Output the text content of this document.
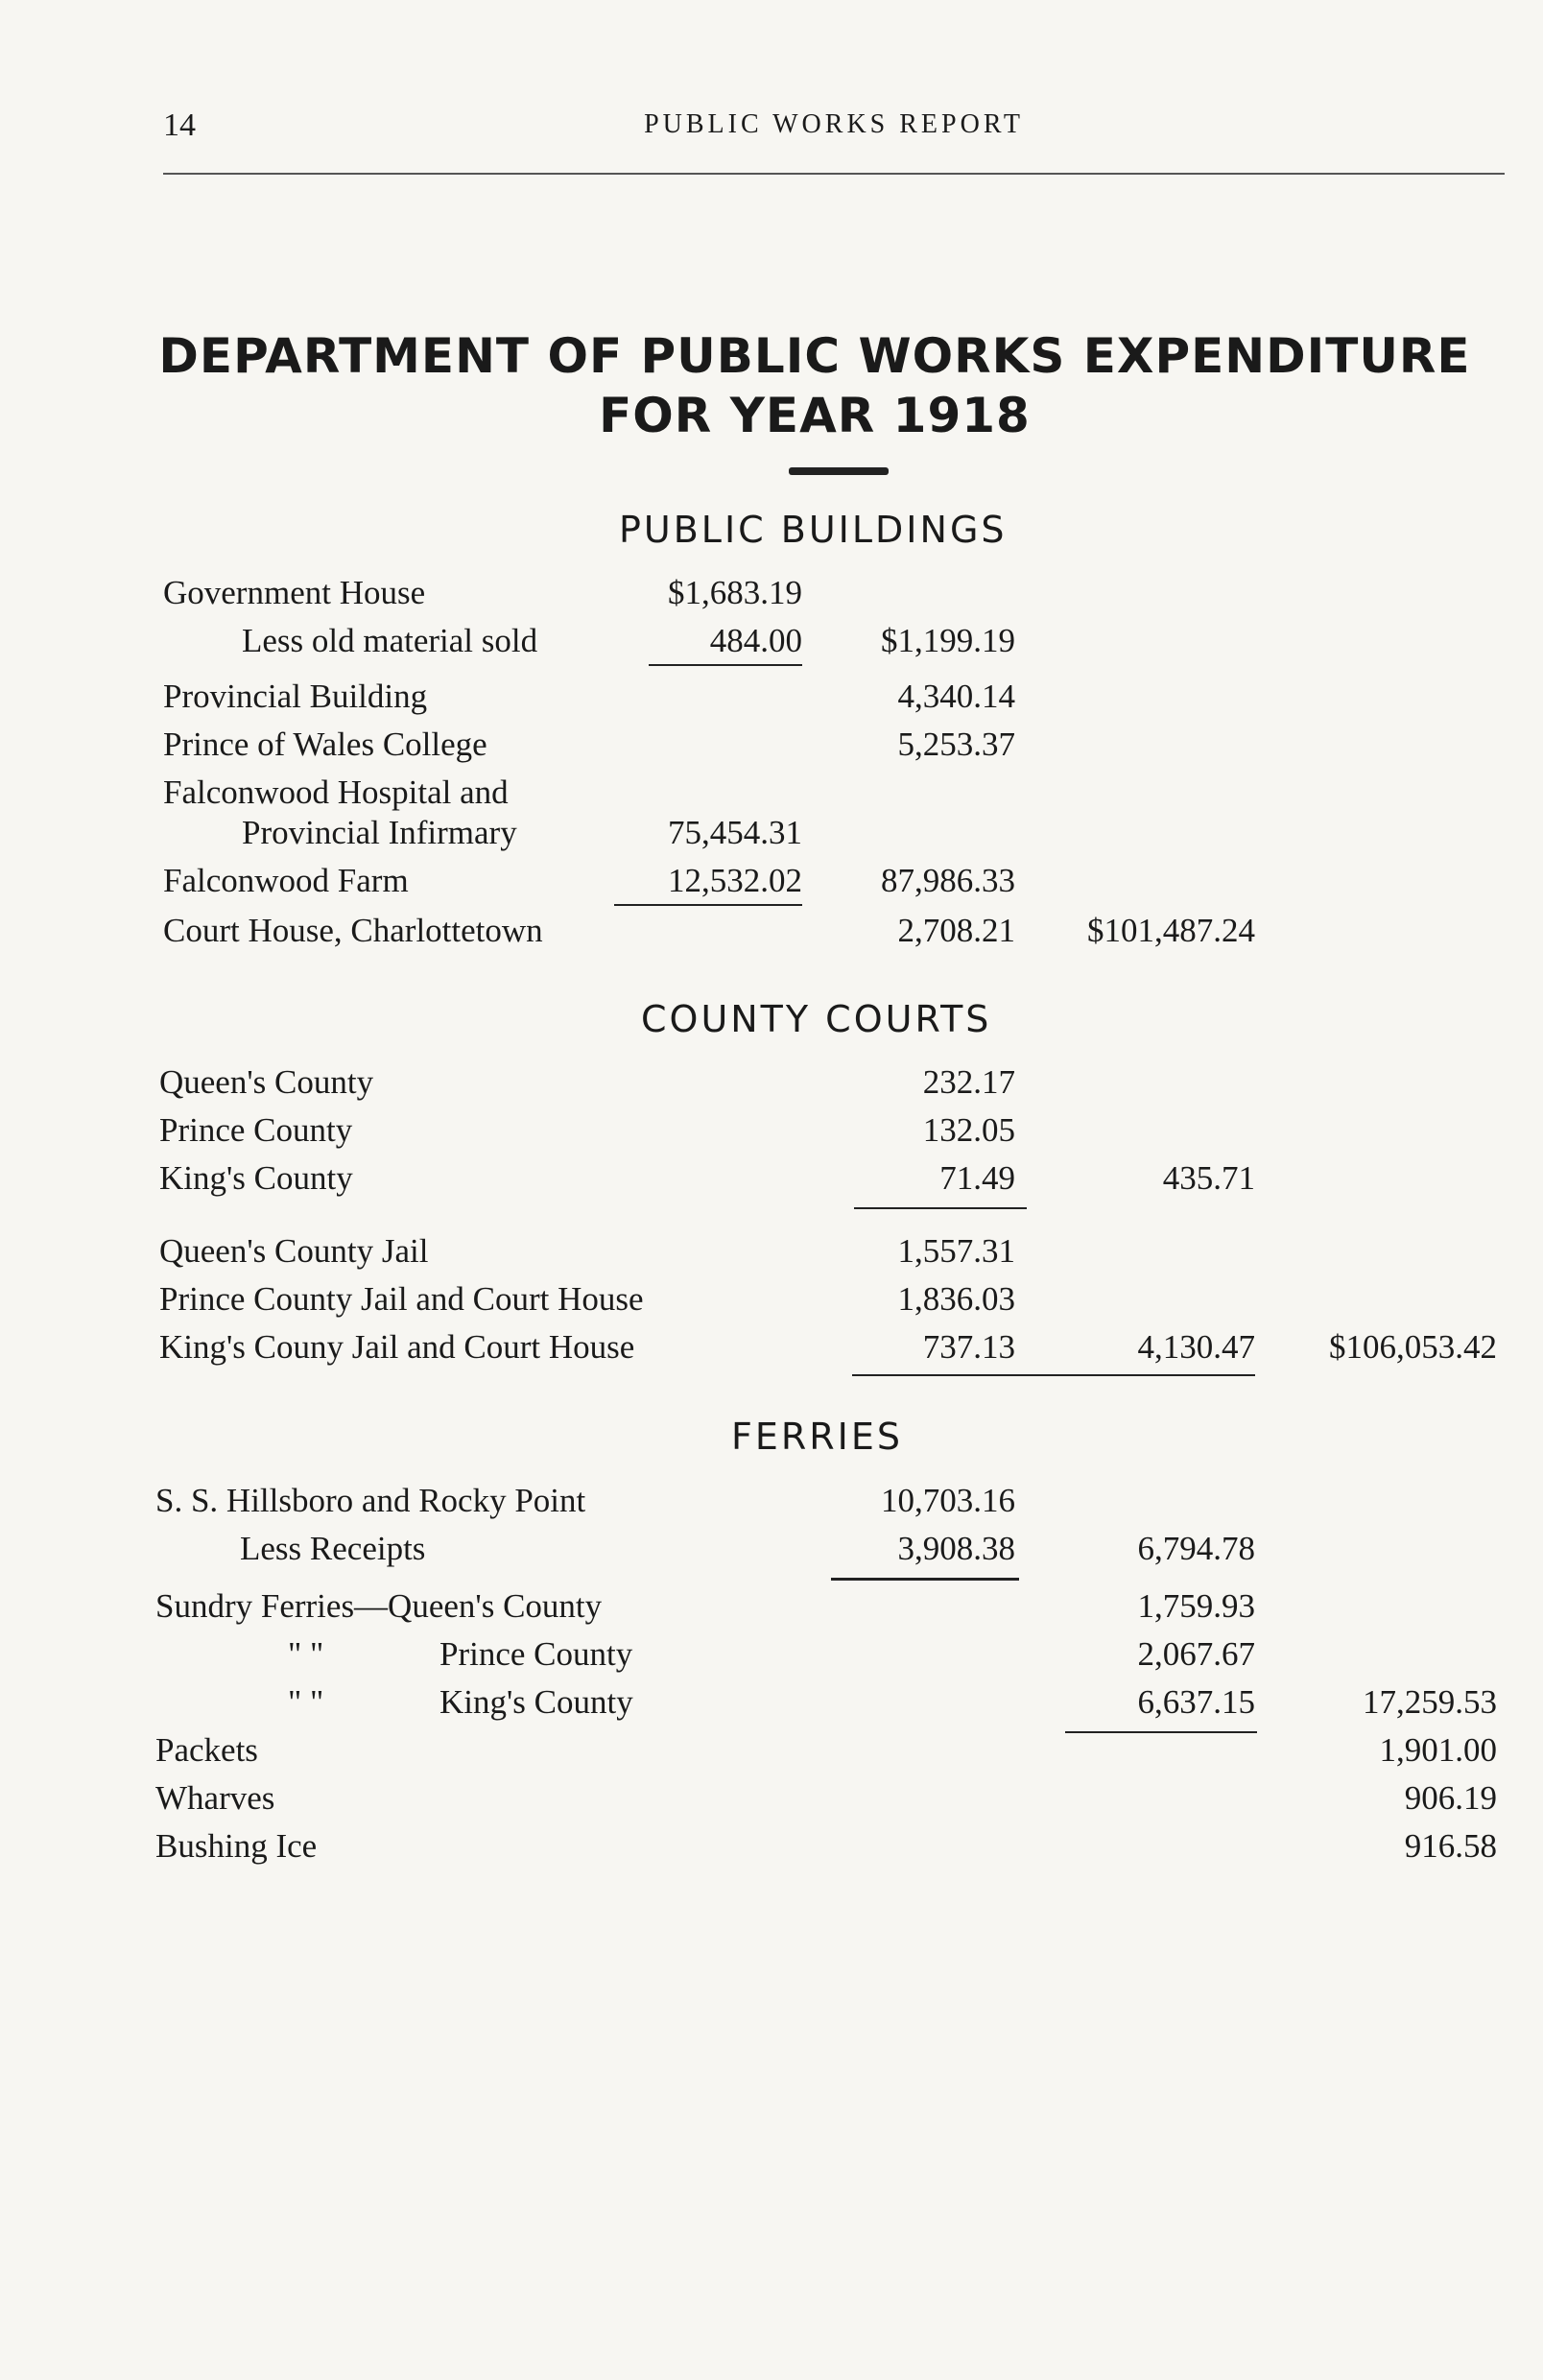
14	PUBLIC WORKS REPORT
DEPARTMENT OF PUBLIC WORKS EXPENDITURE
FOR YEAR 1918
PUBLIC BUILDINGS
Government House	$1,683.19
Less old material sold	484.00 $1,199.19
Provincial Building	4,340.14
Prince of Wales College	5,253.37
Falconwood Hospital and
Provincial Infirmary	75,454.31
Falconwood Farm	12,532.02 87,986.33
Court House, Charlottetown	2,708.21 $101,487.24
COUNTY COURTS
Queen's County	232.17
Prince County	132.05
King's County	71.49	435.71
Queen's County Jail	1,557.31
Prince County Jail and Court House	1,836.03
King's Couny Jail and Court House	737.13	4,130.47 $106,053.42
FERRIES
S. S. Hillsboro and Rocky Point	10,703.16
Less Receipts	3,908.38	6,794.78
Sundry Ferries—Queen's County	1,759.93
" "	Prince County	2,067.67
" "	King's County	6,637.15	17,259.53
Packets	1,901.00
Wharves	906.19
Bushing Ice	916.58
